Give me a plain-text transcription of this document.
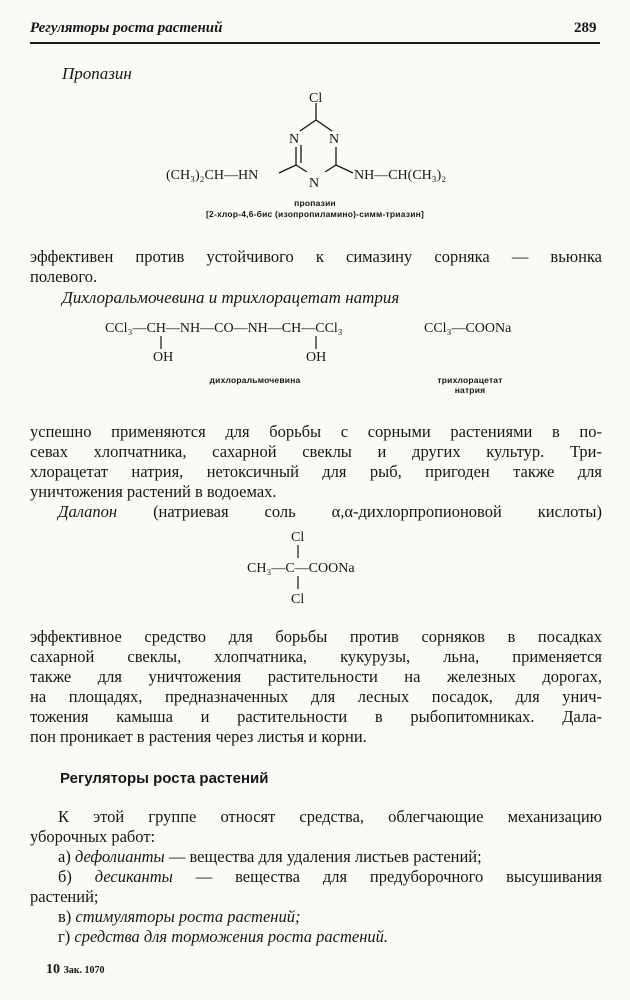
Регуляторы роста растений	289
Пропазин
Cl
N N
N
(CH₃)₂CH—HN	NH—CH(CH₃)₂
пропазин
[2-хлор-4,6-бис (изопропиламино)-симм-триазин]
эффективен против устойчивого к симазину сорняка — вьюнка
полевого.
Дихлоральмочевина и трихлорацетат натрия
CCl₃—CH—NH—CO—NH—CH—CCl₃
OH	OH
CCl₃—COONa
дихлоральмочевина	трихлорацетат
натрия
успешно применяются для борьбы с сорными растениями в по-
севах хлопчатника, сахарной свеклы и других культур. Три-
хлорацетат натрия, нетоксичный для рыб, пригоден также для
уничтожения растений в водоемах.
Далапон (натриевая соль α,α-дихлорпропионовой кислоты)
Cl
CH₃—C—COONa
Cl
эффективное средство для борьбы против сорняков в посадках
сахарной свеклы, хлопчатника, кукурузы, льна, применяется
также для уничтожения растительности на железных дорогах,
на площадях, предназначенных для лесных посадок, для унич-
тожения камыша и растительности в рыбопитомниках. Далa-
пон проникает в растения через листья и корни.
Регуляторы роста растений
К этой группе относят средства, облегчающие механизацию
уборочных работ:
а) дефолианты — вещества для удаления листьев растений;
б) десиканты — вещества для предуборочного высушивания
растений;
в) стимуляторы роста растений;
г) средства для торможения роста растений.
10 Зак. 1070
